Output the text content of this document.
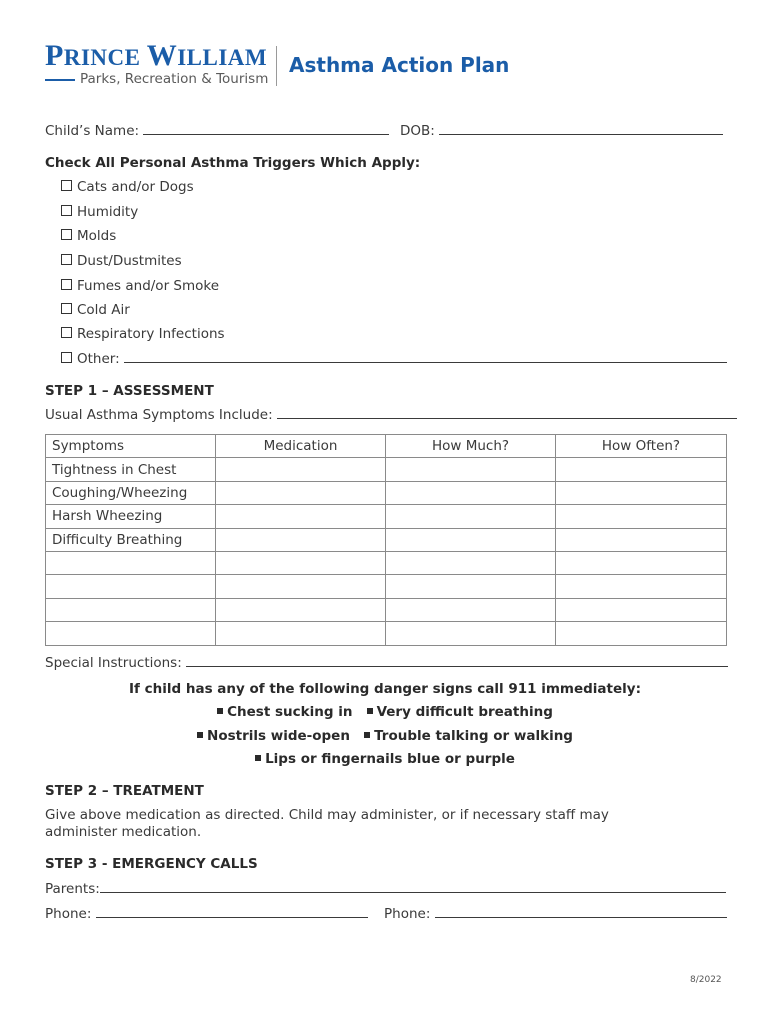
PRINCE WILLIAM
Parks, Recreation & Tourism
Asthma Action Plan
Child’s Name:	DOB:
Check All Personal Asthma Triggers Which Apply:
Cats and/or Dogs
Humidity
Molds
Dust/Dustmites
Fumes and/or Smoke
Cold Air
Respiratory Infections
Other:
STEP 1 – ASSESSMENT
Usual Asthma Symptoms Include:
Symptoms	Medication	How Much?	How Often?
Tightness in Chest			
Coughing/Wheezing			
Harsh Wheezing			
Difficulty Breathing			

Special Instructions:
If child has any of the following danger signs call 911 immediately:
Chest sucking in Very difficult breathing
Nostrils wide-open Trouble talking or walking
Lips or fingernails blue or purple
STEP 2 – TREATMENT
Give above medication as directed. Child may administer, or if necessary staff may administer medication.
STEP 3 - EMERGENCY CALLS
Parents:
Phone:	Phone:
8/2022
